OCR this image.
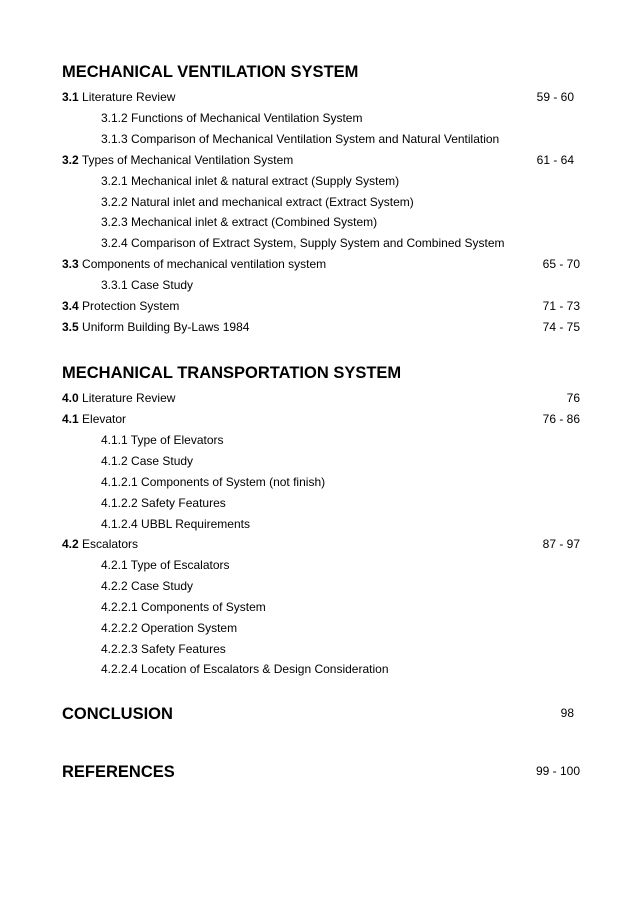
MECHANICAL VENTILATION SYSTEM
3.1 Literature Review	59 - 60
3.1.2 Functions of Mechanical Ventilation System
3.1.3 Comparison of Mechanical Ventilation System and Natural Ventilation
3.2 Types of Mechanical Ventilation System	61 - 64
3.2.1 Mechanical inlet & natural extract (Supply System)
3.2.2 Natural inlet and mechanical extract (Extract System)
3.2.3 Mechanical inlet & extract (Combined System)
3.2.4 Comparison of Extract System, Supply System and Combined System
3.3 Components of mechanical ventilation system	65 - 70
3.3.1 Case Study
3.4 Protection System	71 - 73
3.5 Uniform Building By-Laws 1984	74 - 75
MECHANICAL TRANSPORTATION SYSTEM
4.0 Literature Review	76
4.1 Elevator	76 - 86
4.1.1 Type of Elevators
4.1.2 Case Study
4.1.2.1 Components of System (not finish)
4.1.2.2 Safety Features
4.1.2.4 UBBL Requirements
4.2 Escalators	87 - 97
4.2.1 Type of Escalators
4.2.2 Case Study
4.2.2.1 Components of System
4.2.2.2 Operation System
4.2.2.3 Safety Features
4.2.2.4 Location of Escalators & Design Consideration
CONCLUSION	98
REFERENCES	99 - 100
